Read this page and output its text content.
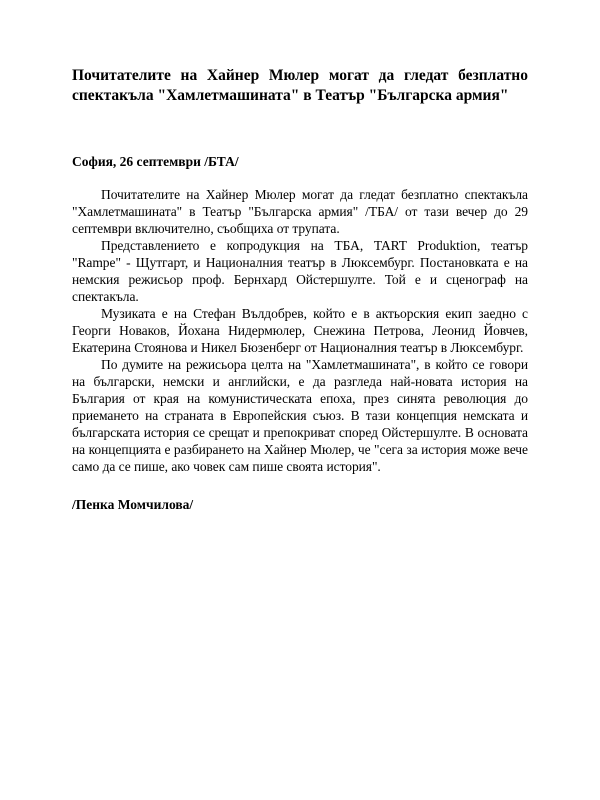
Почитателите на Хайнер Мюлер могат да гледат безплатно спектакъла "Хамлетмашината" в Театър "Българска армия"

София, 26 септември /БТА/

Почитателите на Хайнер Мюлер могат да гледат безплатно спектакъла "Хамлетмашината" в Театър "Българска армия" /ТБА/ от тази вечер до 29 септември включително, съобщиха от трупата.

Представлението е копродукция на ТБА, TART Produktion, театър "Rampe" - Щутгарт, и Националния театър в Люксембург. Постановката е на немския режисьор проф. Бернхард Ойстершулте. Той е и сценограф на спектакъла.

Музиката е на Стефан Вълдобрев, който е в актьорския екип заедно с Георги Новаков, Йохана Нидермюлер, Снежина Петрова, Леонид Йовчев, Екатерина Стоянова и Никел Бюзенберг от Националния театър в Люксембург.

По думите на режисьора целта на "Хамлетмашината", в който се говори на български, немски и английски, е да разгледа най-новата история на България от края на комунистическата епоха, през синята революция до приемането на страната в Европейския съюз. В тази концепция немската и българската история се срещат и препокриват според Ойстершулте. В основата на концепцията е разбирането на Хайнер Мюлер, че "сега за история може вече само да се пише, ако човек сам пише своята история".

/Пенка Момчилова/
